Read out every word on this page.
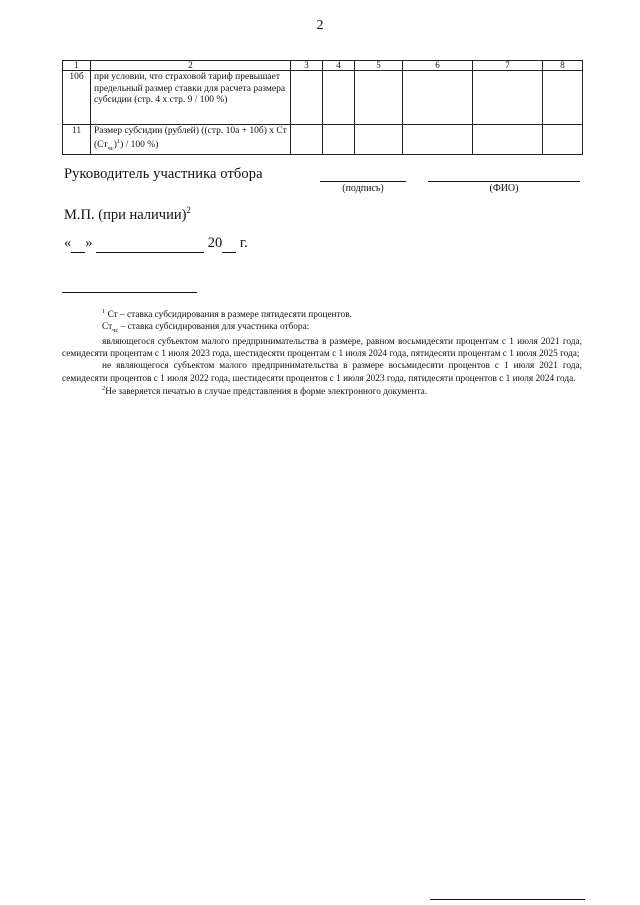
2
1	2	3	4	5	6	7	8
10б	при условии, что страховой тариф превышает предельный размер ставки для расчета размера субсидии (стр. 4 х стр. 9 / 100 %)						
11	Размер субсидии (рублей) ((стр. 10а + 10б) х Ст $(Ст_{чс})^1) / 100$ %)						
Руководитель участника отбора
(подпись)	(ФИО)
М.П. (при наличии)$^2$
« »	20 г.

$^1$ Ст – ставка субсидирования в размере пятидесяти процентов.

$Ст_{чс}$ – ставка субсидирования для участника отбора:

являющегося субъектом малого предпринимательства в размере, равном восьмидесяти процентам с 1 июля 2021 года, семидесяти процентам с 1 июля 2023 года, шестидесяти процентам с 1 июля 2024 года, пятидесяти процентам с 1 июля 2025 года;

не являющегося субъектом малого предпринимательства в размере восьмидесяти процентов с 1 июля 2021 года, семидесяти процентов с 1 июля 2022 года, шестидесяти процентов с 1 июля 2023 года, пятидесяти процентов с 1 июля 2024 года.

$^2$Не заверяется печатью в случае представления в форме электронного документа.
